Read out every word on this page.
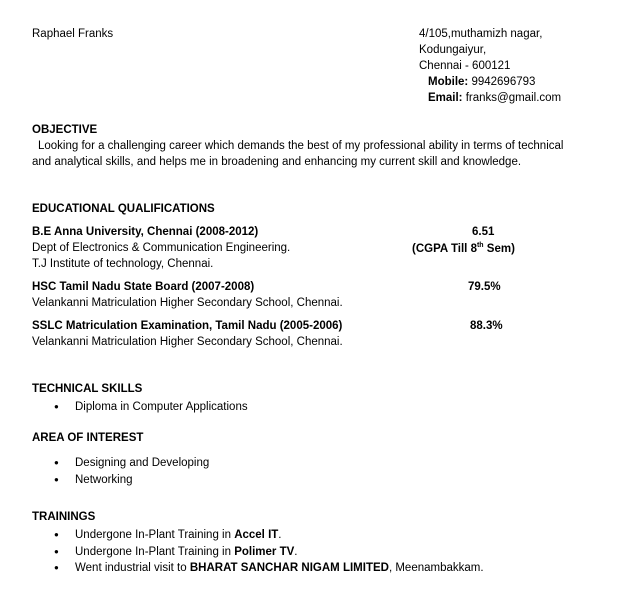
Raphael Franks	4/105,muthamizh nagar,
Kodungaiyur,
Chennai - 600121
Mobile: 9942696793
Email: franks@gmail.com
OBJECTIVE
Looking for a challenging career which demands the best of my professional ability in terms of technical
and analytical skills, and helps me in broadening and enhancing my current skill and knowledge.
EDUCATIONAL QUALIFICATIONS
B.E Anna University, Chennai (2008-2012)	6.51
Dept of Electronics & Communication Engineering.	(CGPA Till 8th Sem)
T.J Institute of technology, Chennai.
HSC Tamil Nadu State Board (2007-2008)	79.5%
Velankanni Matriculation Higher Secondary School, Chennai.
SSLC Matriculation Examination, Tamil Nadu (2005-2006)	88.3%
Velankanni Matriculation Higher Secondary School, Chennai.
TECHNICAL SKILLS
● Diploma in Computer Applications
AREA OF INTEREST
● Designing and Developing
● Networking
TRAININGS
● Undergone In-Plant Training in Accel IT.
● Undergone In-Plant Training in Polimer TV.
● Went industrial visit to BHARAT SANCHAR NIGAM LIMITED, Meenambakkam.
